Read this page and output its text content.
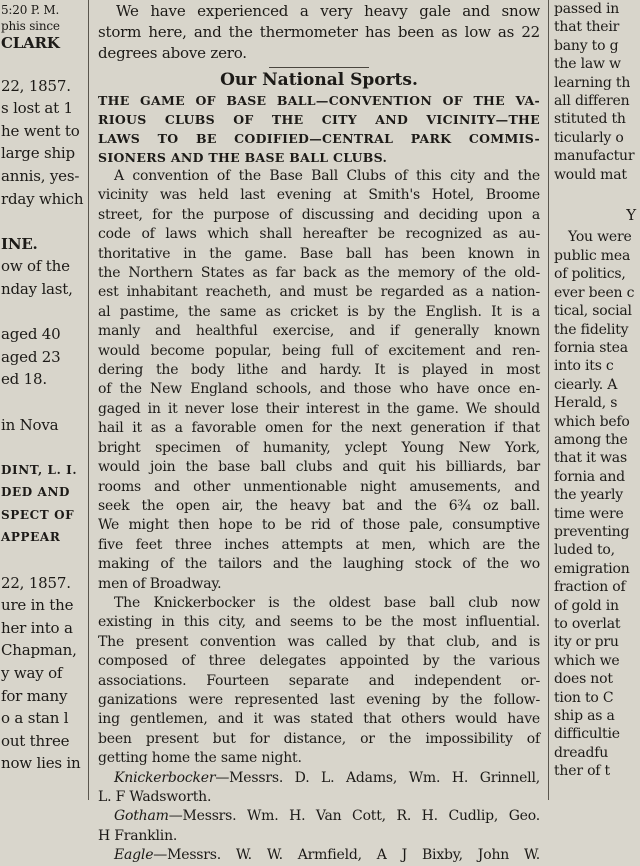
5:20 P. M.
phis since
CLARK

22, 1857.
s lost at 1
he went to
large ship
annis, yes-
rday which

INE.
ow of the
nday last,

aged 40
aged 23
ed 18.

in Nova

DINT, L. I.
DED AND
SPECT OF
APPEAR

22, 1857.
ure in the
her into a
Chapman,
y way of
for many
o a stan l
out three
now lies in
We have experienced a very heavy gale and snow
storm here, and the thermometer has been as low as 22
degrees above zero.
Our National Sports.
THE GAME OF BASE BALL—CONVENTION OF THE VA-
RIOUS CLUBS OF THE CITY AND VICINITY—THE
LAWS TO BE CODIFIED—CENTRAL PARK COMMIS-
SIONERS AND THE BASE BALL CLUBS.
A convention of the Base Ball Clubs of this city and the
vicinity was held last evening at Smith's Hotel, Broome
street, for the purpose of discussing and deciding upon a
code of laws which shall hereafter be recognized as au-
thoritative in the game. Base ball has been known in
the Northern States as far back as the memory of the old-
est inhabitant reacheth, and must be regarded as a nation-
al pastime, the same as cricket is by the English. It is a
manly and healthful exercise, and if generally known
would become popular, being full of excitement and ren-
dering the body lithe and hardy. It is played in most
of the New England schools, and those who have once en-
gaged in it never lose their interest in the game. We should
hail it as a favorable omen for the next generation if that
bright specimen of humanity, yclept Young New York,
would join the base ball clubs and quit his billiards, bar
rooms and other unmentionable night amusements, and
seek the open air, the heavy bat and the 6¾ oz ball.
We might then hope to be rid of those pale, consumptive
five feet three inches attempts at men, which are the
making of the tailors and the laughing stock of the wo
men of Broadway.
The Knickerbocker is the oldest base ball club now
existing in this city, and seems to be the most influential.
The present convention was called by that club, and is
composed of three delegates appointed by the various
associations. Fourteen separate and independent or-
ganizations were represented last evening by the follow-
ing gentlemen, and it was stated that others would have
been present but for distance, or the impossibility of
getting home the same night.
Knickerbocker—Messrs. D. L. Adams, Wm. H. Grinnell,
L. F Wadsworth.
Gotham—Messrs. Wm. H. Van Cott, R. H. Cudlip, Geo.
H Franklin.
Eagle—Messrs. W. W. Armfield, A J Bixby, John W.
passed in
that their
bany to g
the law w
learning th
all differen
stituted th
ticularly o
manufactur
would mat

Y
You were
public mea
of politics,
ever been c
tical, social
the fidelity
fornia stea
into its c
ciearly. A
Herald, s
which befo
among the
that it was
fornia and
the yearly
time were
preventing
luded to,
emigration
fraction of
of gold in
to overlat
ity or pru
which we
does not
tion to C
ship as a
difficultie
dreadfu
ther of t
